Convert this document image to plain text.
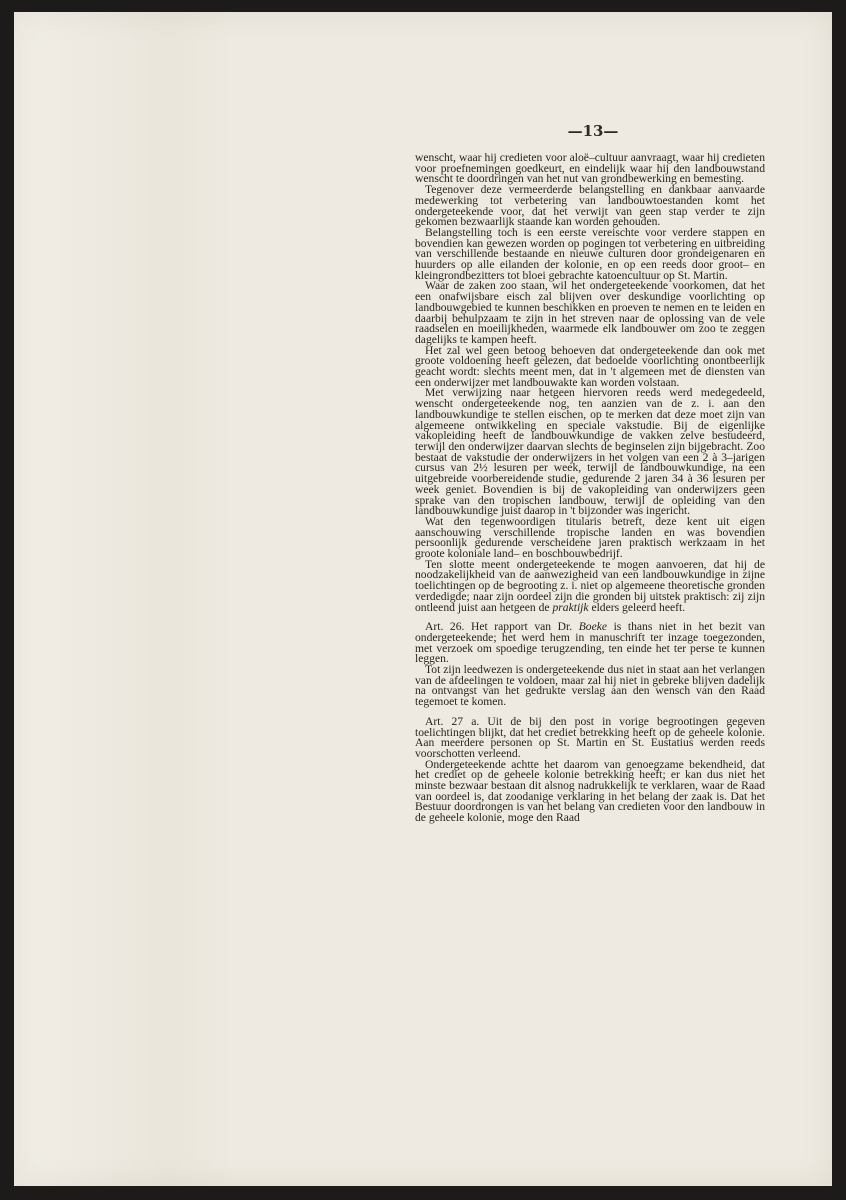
—13—

wenscht, waar hij credieten voor aloë–cultuur aanvraagt, waar hij credieten voor proefnemingen goedkeurt, en eindelijk waar hij den landbouwstand wenscht te doordringen van het nut van grondbewerking en bemesting.

Tegenover deze vermeerderde belangstelling en dankbaar aanvaarde medewerking tot verbetering van landbouwtoestanden komt het ondergeteekende voor, dat het verwijt van geen stap verder te zijn gekomen bezwaarlijk staande kan worden gehouden.

Belangstelling toch is een eerste vereischte voor verdere stappen en bovendien kan gewezen worden op pogingen tot verbetering en uitbreiding van verschillende bestaande en nieuwe culturen door grondeigenaren en huurders op alle eilanden der kolonie, en op een reeds door groot– en kleingrondbezitters tot bloei gebrachte katoencultuur op St. Martin.

Waar de zaken zoo staan, wil het ondergeteekende voorkomen, dat het een onafwijsbare eisch zal blijven over deskundige voorlichting op landbouwgebied te kunnen beschikken en proeven te nemen en te leiden en daarbij behulpzaam te zijn in het streven naar de oplossing van de vele raadselen en moeilijkheden, waarmede elk landbouwer om zoo te zeggen dagelijks te kampen heeft.

Het zal wel geen betoog behoeven dat ondergeteekende dan ook met groote voldoening heeft gelezen, dat bedoelde voorlichting onontbeerlijk geacht wordt: slechts meent men, dat in 't algemeen met de diensten van een onderwijzer met landbouwakte kan worden volstaan.

Met verwijzing naar hetgeen hiervoren reeds werd medegedeeld, wenscht ondergeteekende nog, ten aanzien van de z. i. aan den landbouwkundige te stellen eischen, op te merken dat deze moet zijn van algemeene ontwikkeling en speciale vakstudie. Bij de eigenlijke vakopleiding heeft de landbouwkundige de vakken zelve bestudeerd, terwijl den onderwijzer daarvan slechts de beginselen zijn bijgebracht. Zoo bestaat de vakstudie der onderwijzers in het volgen van een 2 à 3–jarigen cursus van 2½ lesuren per week, terwijl de landbouwkundige, na een uitgebreide voorbereidende studie, gedurende 2 jaren 34 à 36 lesuren per week geniet. Bovendien is bij de vakopleiding van onderwijzers geen sprake van den tropischen landbouw, terwijl de opleiding van den landbouwkundige juist daarop in 't bijzonder was ingericht.

Wat den tegenwoordigen titularis betreft, deze kent uit eigen aanschouwing verschillende tropische landen en was bovendien persoonlijk gedurende verscheidene jaren praktisch werkzaam in het groote koloniale land– en boschbouwbedrijf.

Ten slotte meent ondergeteekende te mogen aanvoeren, dat hij de noodzakelijkheid van de aanwezigheid van een landbouwkundige in zijne toelichtingen op de begrooting z. i. niet op algemeene theoretische gronden verdedigde; naar zijn oordeel zijn die gronden bij uitstek praktisch: zij zijn ontleend juist aan hetgeen de praktijk elders geleerd heeft.

Art. 26. Het rapport van Dr. Boeke is thans niet in het bezit van ondergeteekende; het werd hem in manuschrift ter inzage toegezonden, met verzoek om spoedige terugzending, ten einde het ter perse te kunnen leggen.

Tot zijn leedwezen is ondergeteekende dus niet in staat aan het verlangen van de afdeelingen te voldoen, maar zal hij niet in gebreke blijven dadelijk na ontvangst van het gedrukte verslag aan den wensch van den Raad tegemoet te komen.

Art. 27 a. Uit de bij den post in vorige begrootingen gegeven toelichtingen blijkt, dat het crediet betrekking heeft op de geheele kolonie. Aan meerdere personen op St. Martin en St. Eustatius werden reeds voorschotten verleend.

Ondergeteekende achtte het daarom van genoegzame bekendheid, dat het crediet op de geheele kolonie betrekking heeft; er kan dus niet het minste bezwaar bestaan dit alsnog nadrukkelijk te verklaren, waar de Raad van oordeel is, dat zoodanige verklaring in het belang der zaak is. Dat het Bestuur doordrongen is van het belang van credieten voor den landbouw in de geheele kolonie, moge den Raad
